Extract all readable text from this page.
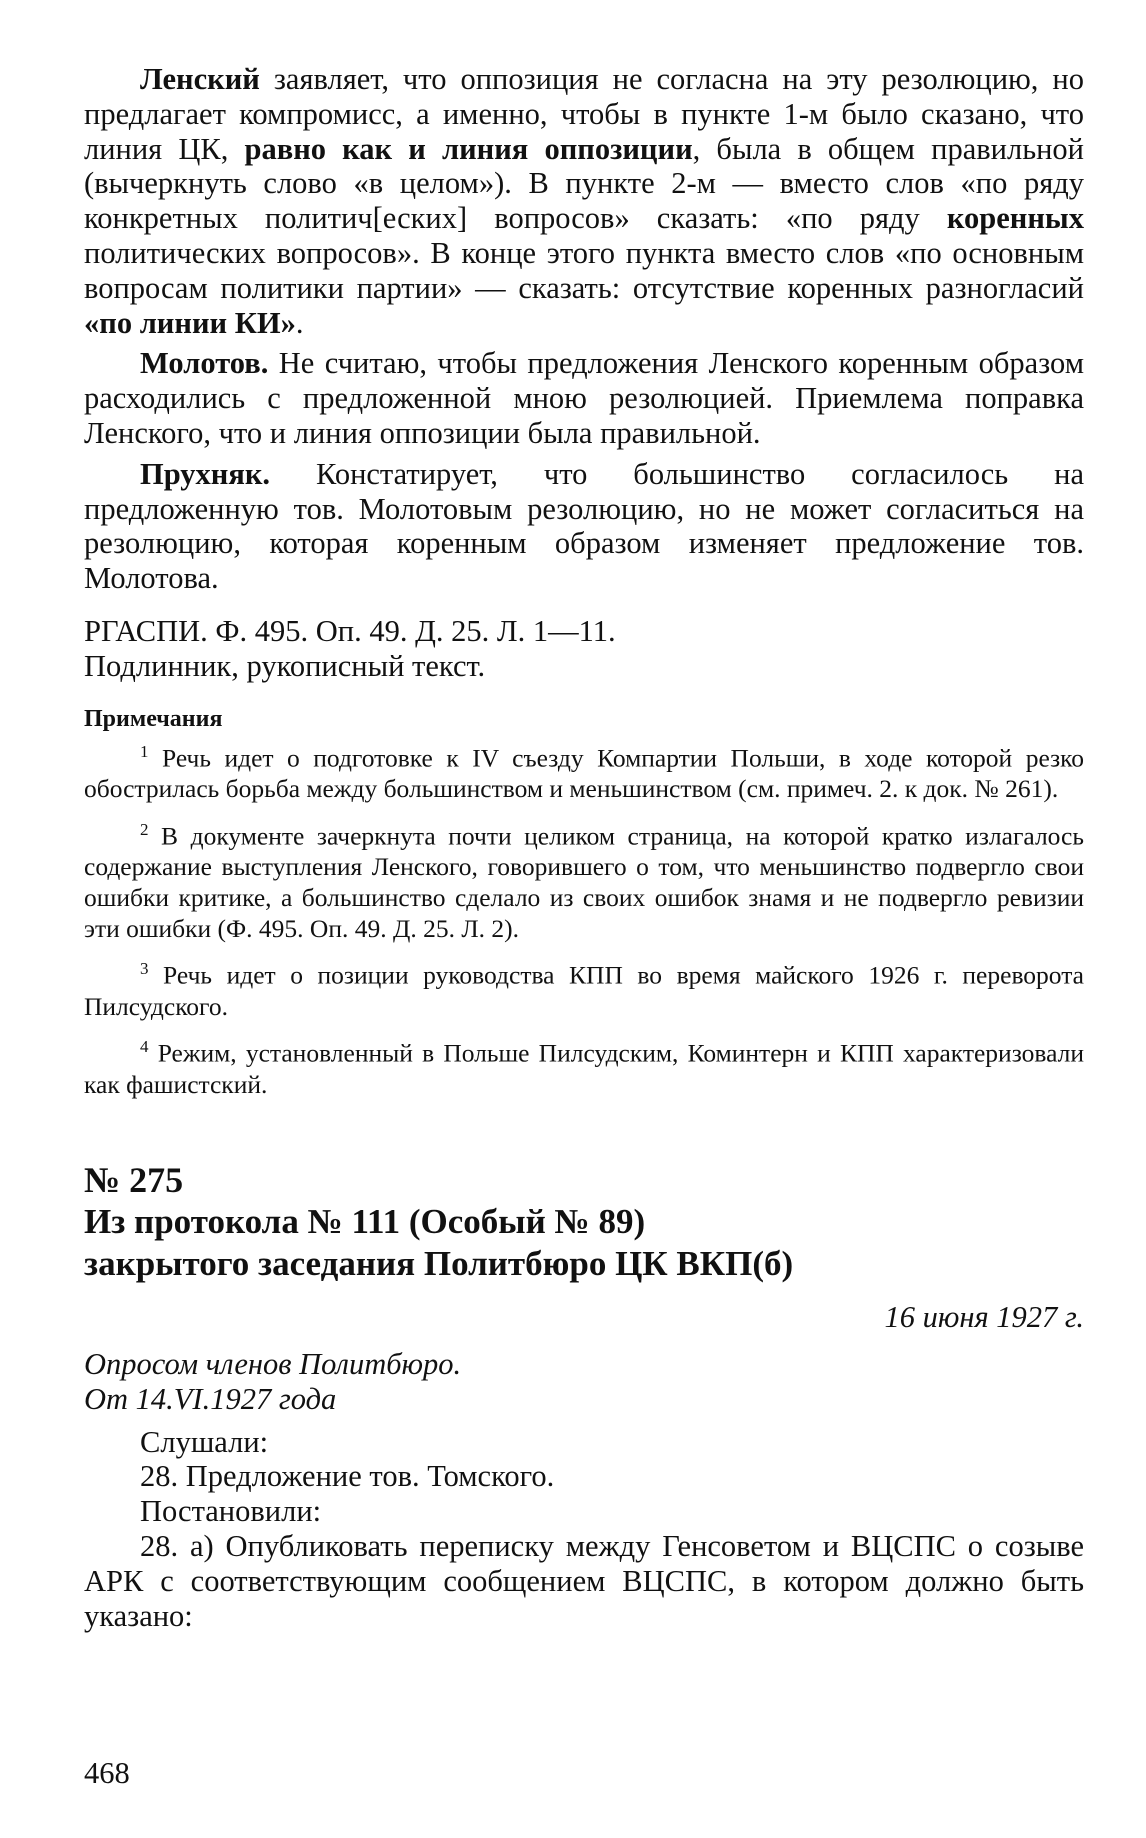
Ленский заявляет, что оппозиция не согласна на эту резолюцию, но предлагает компромисс, а именно, чтобы в пункте 1-м было сказано, что линия ЦК, равно как и линия оппозиции, была в общем правильной (вычеркнуть слово «в целом»). В пункте 2-м — вместо слов «по ряду конкретных политич[еских] вопросов» сказать: «по ряду коренных политических вопросов». В конце этого пункта вместо слов «по основным вопросам политики партии» — сказать: отсутствие коренных разногласий «по линии КИ».

Молотов. Не считаю, чтобы предложения Ленского коренным образом расходились с предложенной мною резолюцией. Приемлема поправка Ленского, что и линия оппозиции была правильной.

Прухняк. Констатирует, что большинство согласилось на предложенную тов. Молотовым резолюцию, но не может согласиться на резолюцию, которая коренным образом изменяет предложение тов. Молотова.

РГАСПИ. Ф. 495. Оп. 49. Д. 25. Л. 1—11.

Подлинник, рукописный текст.

Примечания

$^1$ Речь идет о подготовке к IV съезду Компартии Польши, в ходе которой резко обострилась борьба между большинством и меньшинством (см. примеч. 2. к док. № 261).

$^2$ В документе зачеркнута почти целиком страница, на которой кратко излагалось содержание выступления Ленского, говорившего о том, что меньшинство подвергло свои ошибки критике, а большинство сделало из своих ошибок знамя и не подвергло ревизии эти ошибки (Ф. 495. Оп. 49. Д. 25. Л. 2).

$^3$ Речь идет о позиции руководства КПП во время майского 1926 г. переворота Пилсудского.

$^4$ Режим, установленный в Польше Пилсудским, Коминтерн и КПП характеризовали как фашистский.

№ 275

Из протокола № 111 (Особый № 89)

закрытого заседания Политбюро ЦК ВКП(б)

16 июня 1927 г.

Опросом членов Политбюро.

От 14.VI.1927 года

Слушали:

28. Предложение тов. Томского.

Постановили:

28. а) Опубликовать переписку между Генсоветом и ВЦСПС о созыве АРК с соответствующим сообщением ВЦСПС, в котором должно быть указано:

468
